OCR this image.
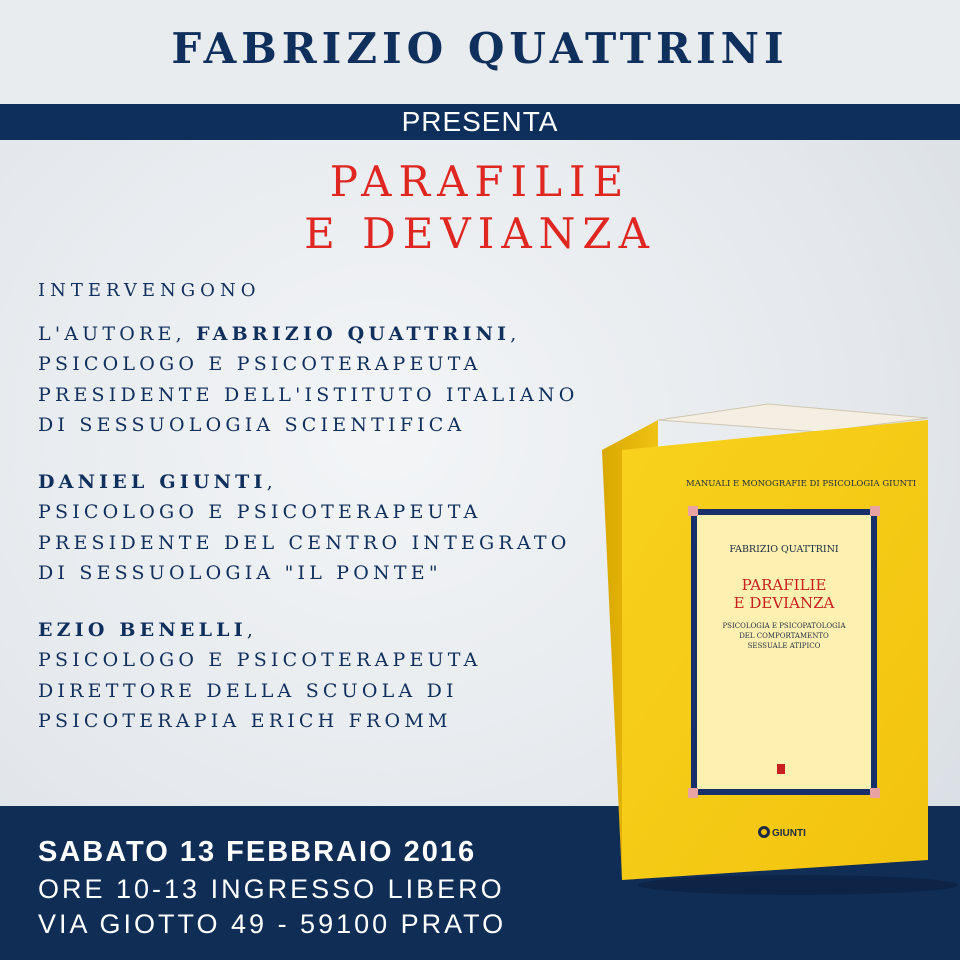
FABRIZIO QUATTRINI
PRESENTA
PARAFILIE
E DEVIANZA
INTERVENGONO
L'AUTORE, FABRIZIO QUATTRINI,
PSICOLOGO E PSICOTERAPEUTA
PRESIDENTE DELL'ISTITUTO ITALIANO
DI SESSUOLOGIA SCIENTIFICA
DANIEL GIUNTI,
PSICOLOGO E PSICOTERAPEUTA
PRESIDENTE DEL CENTRO INTEGRATO
DI SESSUOLOGIA "IL PONTE"
EZIO BENELLI,
PSICOLOGO E PSICOTERAPEUTA
DIRETTORE DELLA SCUOLA DI
PSICOTERAPIA ERICH FROMM
SABATO 13 FEBBRAIO 2016
ORE 10-13 INGRESSO LIBERO
VIA GIOTTO 49 - 59100 PRATO
MANUALI E MONOGRAFIE DI PSICOLOGIA GIUNTI
FABRIZIO QUATTRINI
PARAFILIE
E DEVIANZA
PSICOLOGIA E PSICOPATOLOGIA
DEL COMPORTAMENTO
SESSUALE ATIPICO
GIUNTI
